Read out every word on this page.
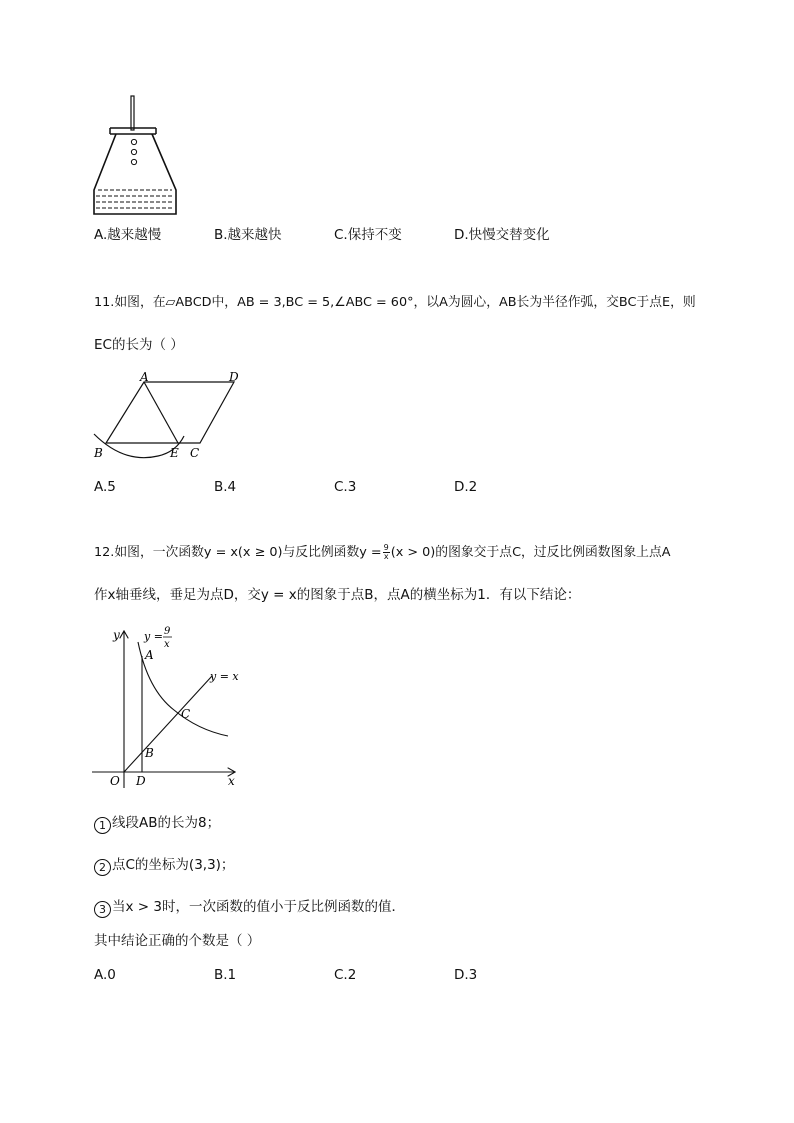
A.越来越慢	B.越来越快	C.保持不变	D.快慢交替变化
11.如图，在▱ABCD中，AB = 3,BC = 5,∠ABC = 60°，以A为圆心，AB长为半径作弧，交BC于点E，则
EC的长为（ ）
A	D
B	E C
A.5	B.4	C.3	D.2
12.如图，一次函数y = x(x ≥ 0)与反比例函数$y = \frac{9}{x} (x > 0)$的图象交于点C，过反比例函数图象上点A
作x轴垂线，垂足为点D，交y = x的图象于点B，点A的横坐标为1．有以下结论：
y
x
O
y = 9
x
y = x
A
B
C
D
1 线段AB的长为8；
2 点C的坐标为(3,3)；
3 当x > 3时，一次函数的值小于反比例函数的值．
其中结论正确的个数是（ ）
A.0	B.1	C.2	D.3
